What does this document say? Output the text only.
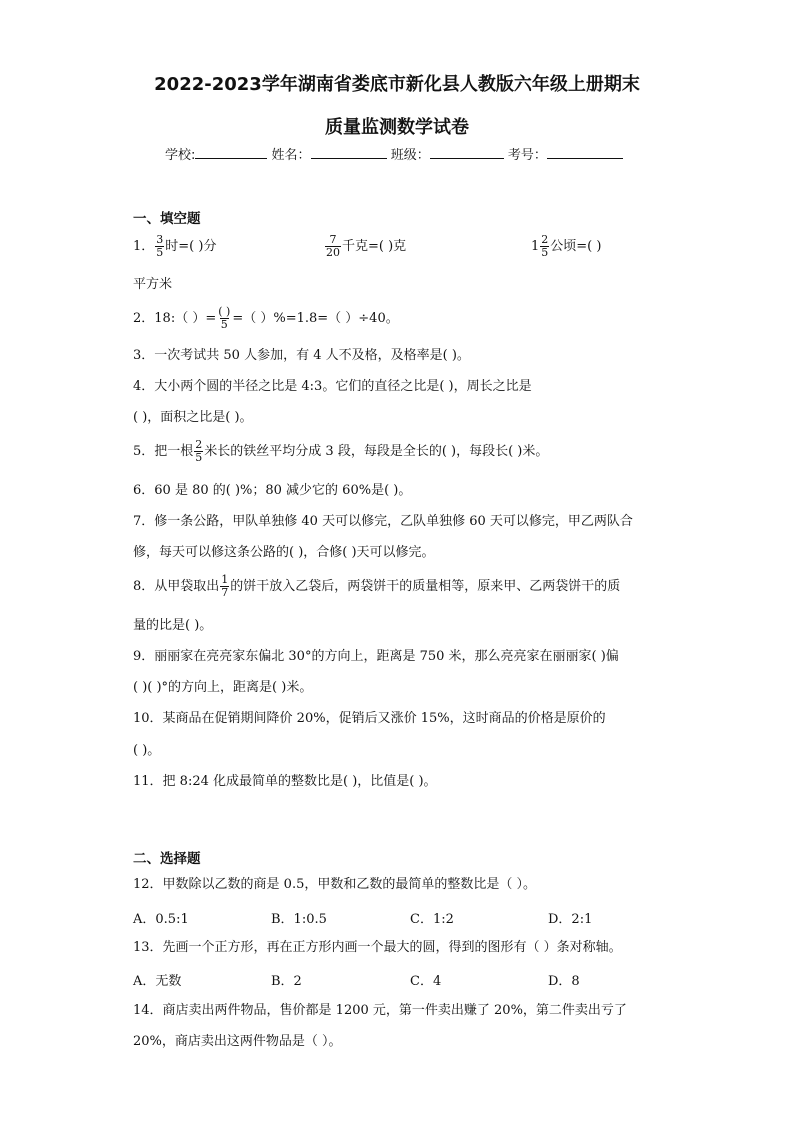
2022-2023学年湖南省娄底市新化县人教版六年级上册期末
质量监测数学试卷
学校:	姓名：	班级：	考号：
一、填空题
1． $\frac{3}{5}$ 时=( )分	$\frac{7}{20}$ 千克=( )克	$1 \frac{2}{5}$ 公顷=( )
平方米
2．18:（ ）= $\frac{( )}{5}$ =（ ）%=1.8=（ ）÷40。
3．一次考试共 50 人参加，有 4 人不及格，及格率是( )。
4．大小两个圆的半径之比是 4:3。它们的直径之比是( )，周长之比是
( )，面积之比是( )。
5．把一根 $\frac{2}{5}$ 米长的铁丝平均分成 3 段，每段是全长的( )，每段长( )米。
6．60 是 80 的( )%；80 减少它的 60%是( )。
7．修一条公路，甲队单独修 40 天可以修完，乙队单独修 60 天可以修完，甲乙两队合
修，每天可以修这条公路的( )，合修( )天可以修完。
8．从甲袋取出 $\frac{1}{7}$ 的饼干放入乙袋后，两袋饼干的质量相等，原来甲、乙两袋饼干的质
量的比是( )。
9．丽丽家在亮亮家东偏北 30°的方向上，距离是 750 米，那么亮亮家在丽丽家( )偏
( )( )°的方向上，距离是( )米。
10．某商品在促销期间降价 20%，促销后又涨价 15%，这时商品的价格是原价的
( )。
11．把 8:24 化成最简单的整数比是( )，比值是( )。
二、选择题
12．甲数除以乙数的商是 0.5，甲数和乙数的最简单的整数比是（ ）。
A．0.5:1	B．1:0.5	C．1:2	D．2:1
13．先画一个正方形，再在正方形内画一个最大的圆，得到的图形有（ ）条对称轴。
A．无数	B．2	C．4	D．8
14．商店卖出两件物品，售价都是 1200 元，第一件卖出赚了 20%，第二件卖出亏了
20%，商店卖出这两件物品是（ ）。
